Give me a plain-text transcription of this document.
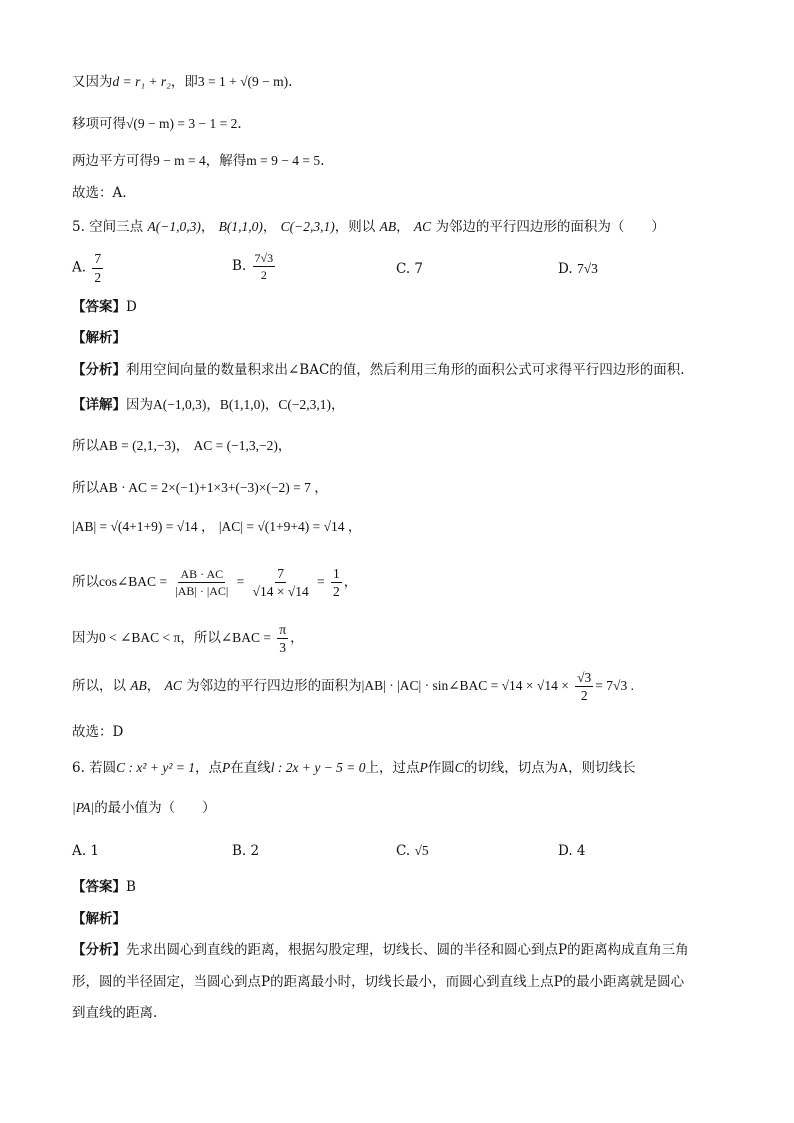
又因为d = r₁ + r₂，即3 = 1 + √(9 − m).
移项可得√(9 − m) = 3 − 1 = 2.
两边平方可得9 − m = 4，解得m = 9 − 4 = 5.
故选：A.
5. 空间三点 A(−1,0,3)， B(1,1,0)， C(−2,3,1)，则以 AB， AC 为邻边的平行四边形的面积为（　　）
A. $\frac{7}{2}$	B. $\frac{7√3}{2}$	C. 7	D. 7√3
【答案】D
【解析】
【分析】利用空间向量的数量积求出∠BAC的值，然后利用三角形的面积公式可求得平行四边形的面积.
【详解】因为A(−1,0,3)，B(1,1,0)，C(−2,3,1)，
所以AB = (2,1,−3)， AC = (−1,3,−2)，
所以AB · AC = 2×(−1)+1×3+(−3)×(−2) = 7 ，
|AB| = √(4+1+9) = √14 ， |AC| = √(1+9+4) = √14 ，
所以cos∠BAC = $\frac{AB \cdot AC}{|AB| \cdot |AC|} = \frac{7}{√14 \times √14} = \frac{1}{2}$ ，
因为0 < ∠BAC < π，所以∠BAC = $\frac{\pi}{3}$ ，
所以，以 AB， AC 为邻边的平行四边形的面积为|AB| · |AC| · sin∠BAC = $√14 \times √14 \times \frac{√3}{2} = 7√3$ .
故选：D
6. 若圆C : x² + y² = 1，点P在直线l : 2x + y − 5 = 0上，过点P作圆C的切线，切点为A，则切线长
|PA|的最小值为（　　）
A. 1	B. 2	C. √5	D. 4
【答案】B
【解析】
【分析】先求出圆心到直线的距离，根据勾股定理，切线长、圆的半径和圆心到点P的距离构成直角三角
形，圆的半径固定，当圆心到点P的距离最小时，切线长最小，而圆心到直线上点P的最小距离就是圆心
到直线的距离.
